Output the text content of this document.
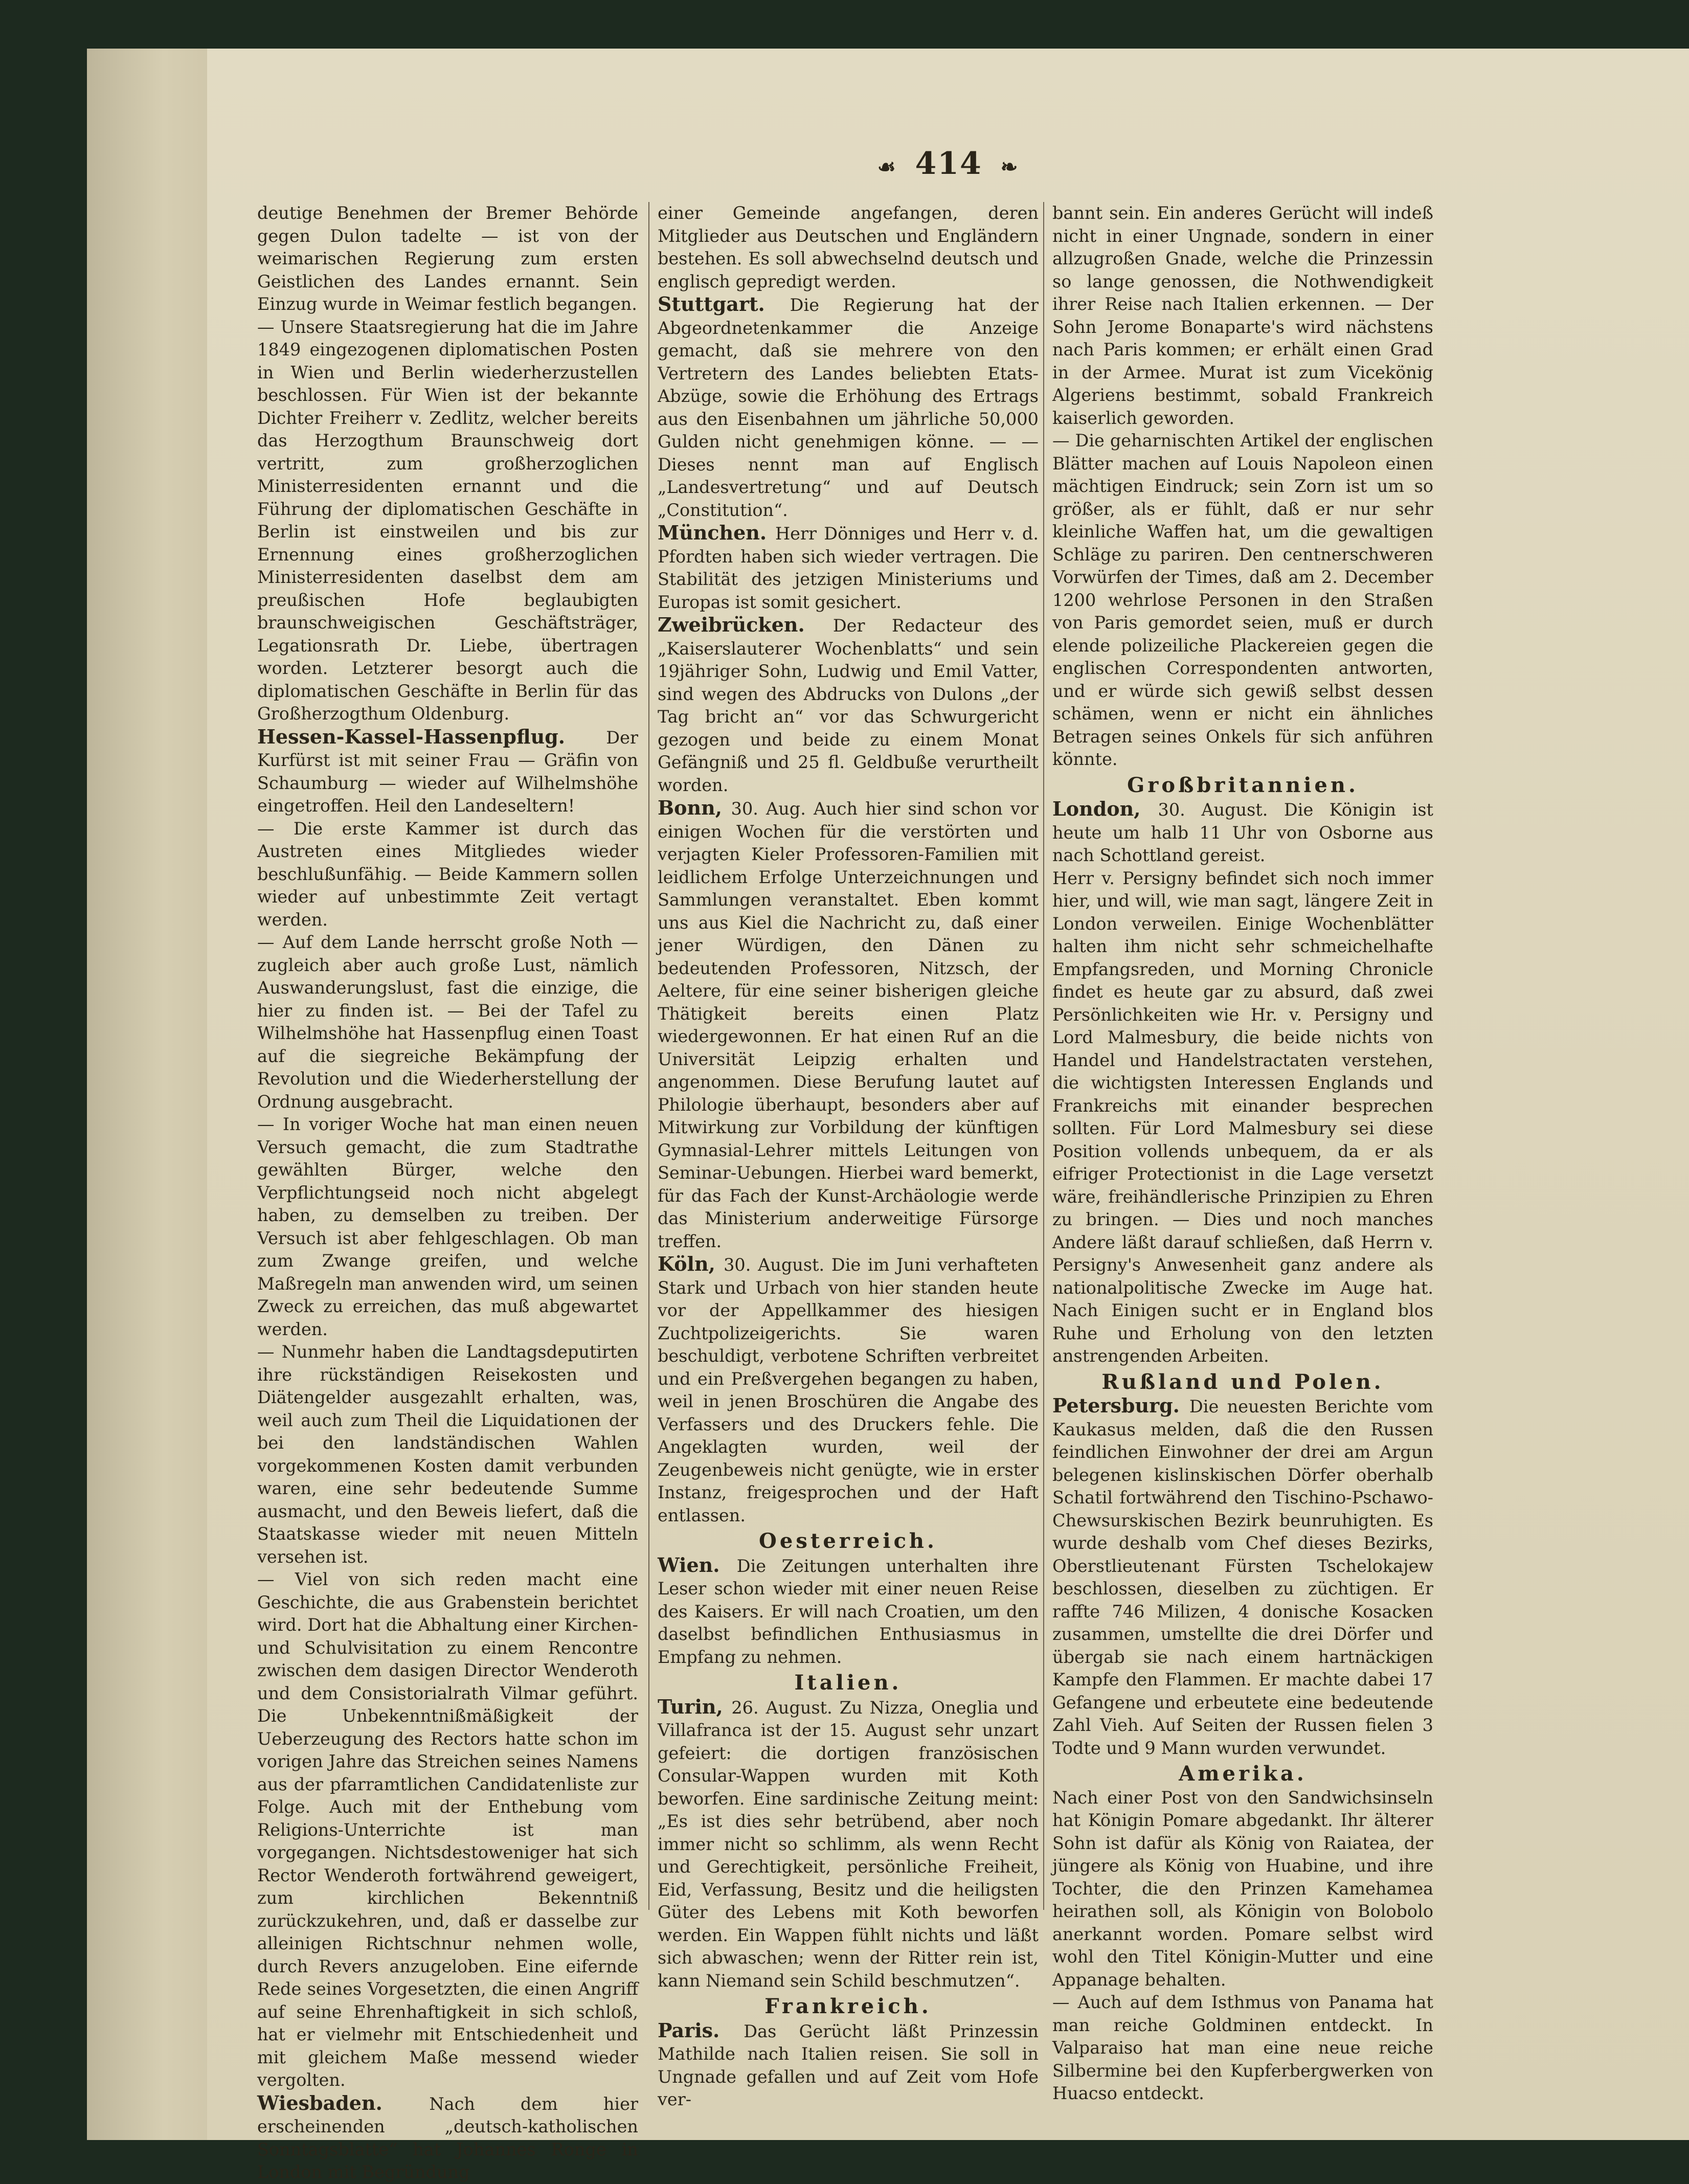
☙ 414 ❧

deutige Benehmen der Bremer Behörde gegen Dulon tadelte — ist von der weimarischen Regierung zum ersten Geistlichen des Landes ernannt. Sein Einzug wurde in Weimar festlich begangen.

— Unsere Staatsregierung hat die im Jahre 1849 eingezogenen diplomatischen Posten in Wien und Berlin wiederherzustellen beschlossen. Für Wien ist der bekannte Dichter Freiherr v. Zedlitz, welcher bereits das Herzogthum Braunschweig dort vertritt, zum großherzoglichen Ministerresidenten ernannt und die Führung der diplomatischen Geschäfte in Berlin ist einstweilen und bis zur Ernennung eines großherzoglichen Ministerresidenten daselbst dem am preußischen Hofe beglaubigten braunschweigischen Geschäftsträger, Legationsrath Dr. Liebe, übertragen worden. Letzterer besorgt auch die diplomatischen Geschäfte in Berlin für das Großherzogthum Oldenburg.

Hessen-Kassel-Hassenpflug. Der Kurfürst ist mit seiner Frau — Gräfin von Schaumburg — wieder auf Wilhelmshöhe eingetroffen. Heil den Landeseltern!

— Die erste Kammer ist durch das Austreten eines Mitgliedes wieder beschlußunfähig. — Beide Kammern sollen wieder auf unbestimmte Zeit vertagt werden.

— Auf dem Lande herrscht große Noth — zugleich aber auch große Lust, nämlich Auswanderungslust, fast die einzige, die hier zu finden ist. — Bei der Tafel zu Wilhelmshöhe hat Hassenpflug einen Toast auf die siegreiche Bekämpfung der Revolution und die Wiederherstellung der Ordnung ausgebracht.

— In voriger Woche hat man einen neuen Versuch gemacht, die zum Stadtrathe gewählten Bürger, welche den Verpflichtungseid noch nicht abgelegt haben, zu demselben zu treiben. Der Versuch ist aber fehlgeschlagen. Ob man zum Zwange greifen, und welche Maßregeln man anwenden wird, um seinen Zweck zu erreichen, das muß abgewartet werden.

— Nunmehr haben die Landtagsdeputirten ihre rückständigen Reisekosten und Diätengelder ausgezahlt erhalten, was, weil auch zum Theil die Liquidationen der bei den landständischen Wahlen vorgekommenen Kosten damit verbunden waren, eine sehr bedeutende Summe ausmacht, und den Beweis liefert, daß die Staatskasse wieder mit neuen Mitteln versehen ist.

— Viel von sich reden macht eine Geschichte, die aus Grabenstein berichtet wird. Dort hat die Abhaltung einer Kirchen- und Schulvisitation zu einem Rencontre zwischen dem dasigen Director Wenderoth und dem Consistorialrath Vilmar geführt. Die Unbekenntnißmäßigkeit der Ueberzeugung des Rectors hatte schon im vorigen Jahre das Streichen seines Namens aus der pfarramtlichen Candidatenliste zur Folge. Auch mit der Enthebung vom Religions-Unterrichte ist man vorgegangen. Nichtsdestoweniger hat sich Rector Wenderoth fortwährend geweigert, zum kirchlichen Bekenntniß zurückzukehren, und, daß er dasselbe zur alleinigen Richtschnur nehmen wolle, durch Revers anzugeloben. Eine eifernde Rede seines Vorgesetzten, die einen Angriff auf seine Ehrenhaftigkeit in sich schloß, hat er vielmehr mit Entschiedenheit und mit gleichem Maße messend wieder vergolten.

Wiesbaden. Nach dem hier erscheinenden „deutsch-katholischen Sonntagsblatte“ hat Johannes Ronge in London mit Begründung

einer Gemeinde angefangen, deren Mitglieder aus Deutschen und Engländern bestehen. Es soll abwechselnd deutsch und englisch gepredigt werden.

Stuttgart. Die Regierung hat der Abgeordnetenkammer die Anzeige gemacht, daß sie mehrere von den Vertretern des Landes beliebten Etats-Abzüge, sowie die Erhöhung des Ertrags aus den Eisenbahnen um jährliche 50,000 Gulden nicht genehmigen könne. — — Dieses nennt man auf Englisch „Landesvertretung“ und auf Deutsch „Constitution“.

München. Herr Dönniges und Herr v. d. Pfordten haben sich wieder vertragen. Die Stabilität des jetzigen Ministeriums und Europas ist somit gesichert.

Zweibrücken. Der Redacteur des „Kaiserslauterer Wochenblatts“ und sein 19jähriger Sohn, Ludwig und Emil Vatter, sind wegen des Abdrucks von Dulons „der Tag bricht an“ vor das Schwurgericht gezogen und beide zu einem Monat Gefängniß und 25 fl. Geldbuße verurtheilt worden.

Bonn, 30. Aug. Auch hier sind schon vor einigen Wochen für die verstörten und verjagten Kieler Professoren-Familien mit leidlichem Erfolge Unterzeichnungen und Sammlungen veranstaltet. Eben kommt uns aus Kiel die Nachricht zu, daß einer jener Würdigen, den Dänen zu bedeutenden Professoren, Nitzsch, der Aeltere, für eine seiner bisherigen gleiche Thätigkeit bereits einen Platz wiedergewonnen. Er hat einen Ruf an die Universität Leipzig erhalten und angenommen. Diese Berufung lautet auf Philologie überhaupt, besonders aber auf Mitwirkung zur Vorbildung der künftigen Gymnasial-Lehrer mittels Leitungen von Seminar-Uebungen. Hierbei ward bemerkt, für das Fach der Kunst-Archäologie werde das Ministerium anderweitige Fürsorge treffen.

Köln, 30. August. Die im Juni verhafteten Stark und Urbach von hier standen heute vor der Appellkammer des hiesigen Zuchtpolizeigerichts. Sie waren beschuldigt, verbotene Schriften verbreitet und ein Preßvergehen begangen zu haben, weil in jenen Broschüren die Angabe des Verfassers und des Druckers fehle. Die Angeklagten wurden, weil der Zeugenbeweis nicht genügte, wie in erster Instanz, freigesprochen und der Haft entlassen.

Oesterreich.

Wien. Die Zeitungen unterhalten ihre Leser schon wieder mit einer neuen Reise des Kaisers. Er will nach Croatien, um den daselbst befindlichen Enthusiasmus in Empfang zu nehmen.

Italien.

Turin, 26. August. Zu Nizza, Oneglia und Villafranca ist der 15. August sehr unzart gefeiert: die dortigen französischen Consular-Wappen wurden mit Koth beworfen. Eine sardinische Zeitung meint: „Es ist dies sehr betrübend, aber noch immer nicht so schlimm, als wenn Recht und Gerechtigkeit, persönliche Freiheit, Eid, Verfassung, Besitz und die heiligsten Güter des Lebens mit Koth beworfen werden. Ein Wappen fühlt nichts und läßt sich abwaschen; wenn der Ritter rein ist, kann Niemand sein Schild beschmutzen“.

Frankreich.

Paris. Das Gerücht läßt Prinzessin Mathilde nach Italien reisen. Sie soll in Ungnade gefallen und auf Zeit vom Hofe ver-

bannt sein. Ein anderes Gerücht will indeß nicht in einer Ungnade, sondern in einer allzugroßen Gnade, welche die Prinzessin so lange genossen, die Nothwendigkeit ihrer Reise nach Italien erkennen. — Der Sohn Jerome Bonaparte's wird nächstens nach Paris kommen; er erhält einen Grad in der Armee. Murat ist zum Vicekönig Algeriens bestimmt, sobald Frankreich kaiserlich geworden.

— Die geharnischten Artikel der englischen Blätter machen auf Louis Napoleon einen mächtigen Eindruck; sein Zorn ist um so größer, als er fühlt, daß er nur sehr kleinliche Waffen hat, um die gewaltigen Schläge zu pariren. Den centnerschweren Vorwürfen der Times, daß am 2. December 1200 wehrlose Personen in den Straßen von Paris gemordet seien, muß er durch elende polizeiliche Plackereien gegen die englischen Correspondenten antworten, und er würde sich gewiß selbst dessen schämen, wenn er nicht ein ähnliches Betragen seines Onkels für sich anführen könnte.

Großbritannien.

London, 30. August. Die Königin ist heute um halb 11 Uhr von Osborne aus nach Schottland gereist.

Herr v. Persigny befindet sich noch immer hier, und will, wie man sagt, längere Zeit in London verweilen. Einige Wochenblätter halten ihm nicht sehr schmeichelhafte Empfangsreden, und Morning Chronicle findet es heute gar zu absurd, daß zwei Persönlichkeiten wie Hr. v. Persigny und Lord Malmesbury, die beide nichts von Handel und Handelstractaten verstehen, die wichtigsten Interessen Englands und Frankreichs mit einander besprechen sollten. Für Lord Malmesbury sei diese Position vollends unbequem, da er als eifriger Protectionist in die Lage versetzt wäre, freihändlerische Prinzipien zu Ehren zu bringen. — Dies und noch manches Andere läßt darauf schließen, daß Herrn v. Persigny's Anwesenheit ganz andere als nationalpolitische Zwecke im Auge hat. Nach Einigen sucht er in England blos Ruhe und Erholung von den letzten anstrengenden Arbeiten.

Rußland und Polen.

Petersburg. Die neuesten Berichte vom Kaukasus melden, daß die den Russen feindlichen Einwohner der drei am Argun belegenen kislinskischen Dörfer oberhalb Schatil fortwährend den Tischino-Pschawo-Chewsurskischen Bezirk beunruhigten. Es wurde deshalb vom Chef dieses Bezirks, Oberstlieutenant Fürsten Tschelokajew beschlossen, dieselben zu züchtigen. Er raffte 746 Milizen, 4 donische Kosacken zusammen, umstellte die drei Dörfer und übergab sie nach einem hartnäckigen Kampfe den Flammen. Er machte dabei 17 Gefangene und erbeutete eine bedeutende Zahl Vieh. Auf Seiten der Russen fielen 3 Todte und 9 Mann wurden verwundet.

Amerika.

Nach einer Post von den Sandwichsinseln hat Königin Pomare abgedankt. Ihr älterer Sohn ist dafür als König von Raiatea, der jüngere als König von Huabine, und ihre Tochter, die den Prinzen Kamehamea heirathen soll, als Königin von Bolobolo anerkannt worden. Pomare selbst wird wohl den Titel Königin-Mutter und eine Appanage behalten.

— Auch auf dem Isthmus von Panama hat man reiche Goldminen entdeckt. In Valparaiso hat man eine neue reiche Silbermine bei den Kupferbergwerken von Huacso entdeckt.
